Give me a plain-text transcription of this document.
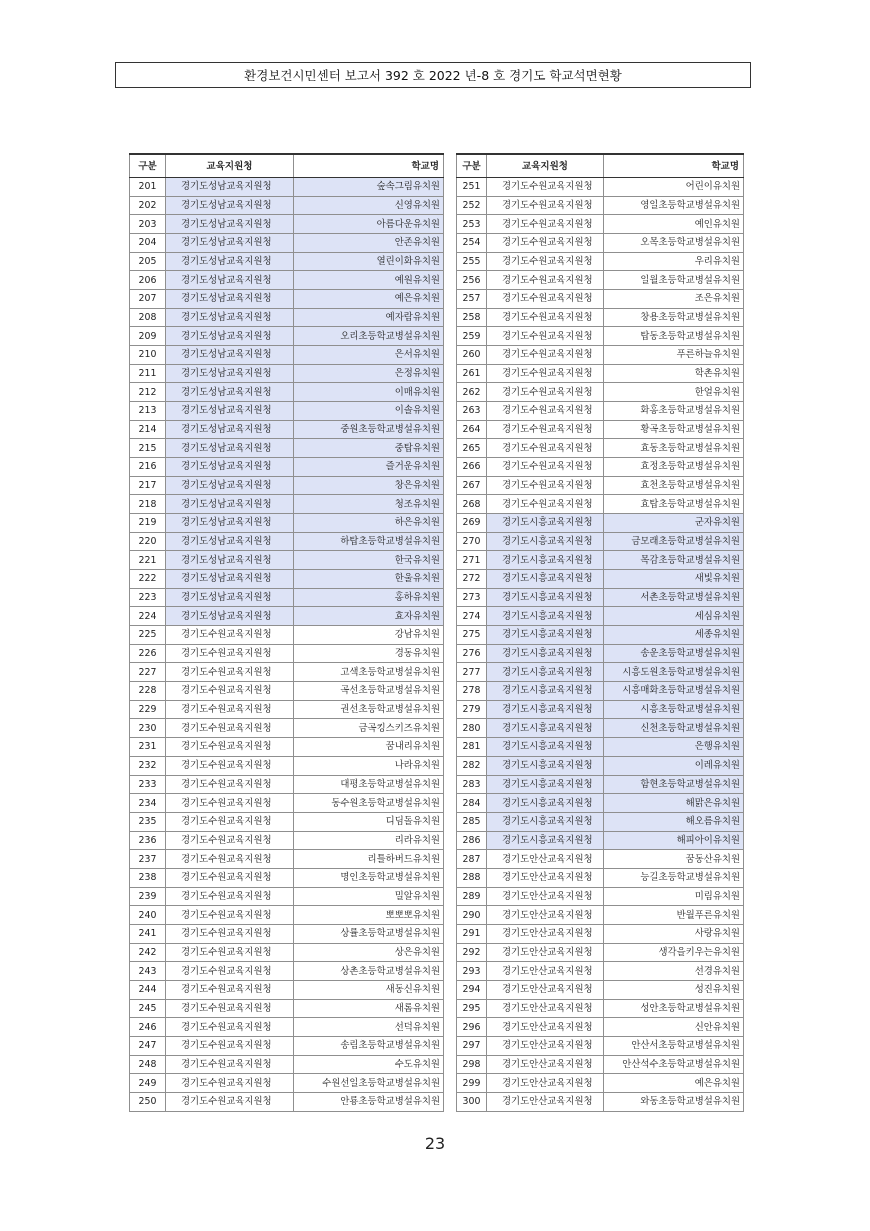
환경보건시민센터 보고서 392 호 2022 년-8 호 경기도 학교석면현황
구분	교육지원청	학교명
201	경기도성남교육지원청	숲속그림유치원
202	경기도성남교육지원청	신영유치원
203	경기도성남교육지원청	아름다운유치원
204	경기도성남교육지원청	안존유치원
205	경기도성남교육지원청	열린이화유치원
206	경기도성남교육지원청	예원유치원
207	경기도성남교육지원청	예은유치원
208	경기도성남교육지원청	예자람유치원
209	경기도성남교육지원청	오리초등학교병설유치원
210	경기도성남교육지원청	은서유치원
211	경기도성남교육지원청	은정유치원
212	경기도성남교육지원청	이매유치원
213	경기도성남교육지원청	이솔유치원
214	경기도성남교육지원청	중원초등학교병설유치원
215	경기도성남교육지원청	중탑유치원
216	경기도성남교육지원청	즐거운유치원
217	경기도성남교육지원청	창은유치원
218	경기도성남교육지원청	청조유치원
219	경기도성남교육지원청	하은유치원
220	경기도성남교육지원청	하탑초등학교병설유치원
221	경기도성남교육지원청	한국유치원
222	경기도성남교육지원청	한울유치원
223	경기도성남교육지원청	홍하유치원
224	경기도성남교육지원청	효자유치원
225	경기도수원교육지원청	강남유치원
226	경기도수원교육지원청	경동유치원
227	경기도수원교육지원청	고색초등학교병설유치원
228	경기도수원교육지원청	곡선초등학교병설유치원
229	경기도수원교육지원청	권선초등학교병설유치원
230	경기도수원교육지원청	금곡킹스키즈유치원
231	경기도수원교육지원청	꿈내리유치원
232	경기도수원교육지원청	나라유치원
233	경기도수원교육지원청	대평초등학교병설유치원
234	경기도수원교육지원청	동수원초등학교병설유치원
235	경기도수원교육지원청	디딤돌유치원
236	경기도수원교육지원청	리라유치원
237	경기도수원교육지원청	리틀하버드유치원
238	경기도수원교육지원청	명인초등학교병설유치원
239	경기도수원교육지원청	밀알유치원
240	경기도수원교육지원청	뽀뽀뽀유치원
241	경기도수원교육지원청	상률초등학교병설유치원
242	경기도수원교육지원청	상은유치원
243	경기도수원교육지원청	상촌초등학교병설유치원
244	경기도수원교육지원청	새동신유치원
245	경기도수원교육지원청	새롬유치원
246	경기도수원교육지원청	선덕유치원
247	경기도수원교육지원청	송림초등학교병설유치원
248	경기도수원교육지원청	수도유치원
249	경기도수원교육지원청	수원선일초등학교병설유치원
250	경기도수원교육지원청	안룡초등학교병설유치원
구분	교육지원청	학교명
251	경기도수원교육지원청	어린이유치원
252	경기도수원교육지원청	영일초등학교병설유치원
253	경기도수원교육지원청	예인유치원
254	경기도수원교육지원청	오목초등학교병설유치원
255	경기도수원교육지원청	우리유치원
256	경기도수원교육지원청	일월초등학교병설유치원
257	경기도수원교육지원청	조은유치원
258	경기도수원교육지원청	창용초등학교병설유치원
259	경기도수원교육지원청	탑동초등학교병설유치원
260	경기도수원교육지원청	푸른하늘유치원
261	경기도수원교육지원청	학촌유치원
262	경기도수원교육지원청	한얼유치원
263	경기도수원교육지원청	화홍초등학교병설유치원
264	경기도수원교육지원청	황곡초등학교병설유치원
265	경기도수원교육지원청	효동초등학교병설유치원
266	경기도수원교육지원청	효정초등학교병설유치원
267	경기도수원교육지원청	효천초등학교병설유치원
268	경기도수원교육지원청	효탑초등학교병설유치원
269	경기도시흥교육지원청	군자유치원
270	경기도시흥교육지원청	금모래초등학교병설유치원
271	경기도시흥교육지원청	목감초등학교병설유치원
272	경기도시흥교육지원청	새빛유치원
273	경기도시흥교육지원청	서촌초등학교병설유치원
274	경기도시흥교육지원청	세심유치원
275	경기도시흥교육지원청	세종유치원
276	경기도시흥교육지원청	송운초등학교병설유치원
277	경기도시흥교육지원청	시흥도원초등학교병설유치원
278	경기도시흥교육지원청	시흥매화초등학교병설유치원
279	경기도시흥교육지원청	시흥초등학교병설유치원
280	경기도시흥교육지원청	신천초등학교병설유치원
281	경기도시흥교육지원청	은행유치원
282	경기도시흥교육지원청	이레유치원
283	경기도시흥교육지원청	함현초등학교병설유치원
284	경기도시흥교육지원청	해맑은유치원
285	경기도시흥교육지원청	해오름유치원
286	경기도시흥교육지원청	해피아이유치원
287	경기도안산교육지원청	꿈동산유치원
288	경기도안산교육지원청	능길초등학교병설유치원
289	경기도안산교육지원청	미림유치원
290	경기도안산교육지원청	반월푸른유치원
291	경기도안산교육지원청	사랑유치원
292	경기도안산교육지원청	생각을키우는유치원
293	경기도안산교육지원청	선경유치원
294	경기도안산교육지원청	성진유치원
295	경기도안산교육지원청	성안초등학교병설유치원
296	경기도안산교육지원청	신안유치원
297	경기도안산교육지원청	안산서초등학교병설유치원
298	경기도안산교육지원청	안산석수초등학교병설유치원
299	경기도안산교육지원청	예은유치원
300	경기도안산교육지원청	와동초등학교병설유치원
23
